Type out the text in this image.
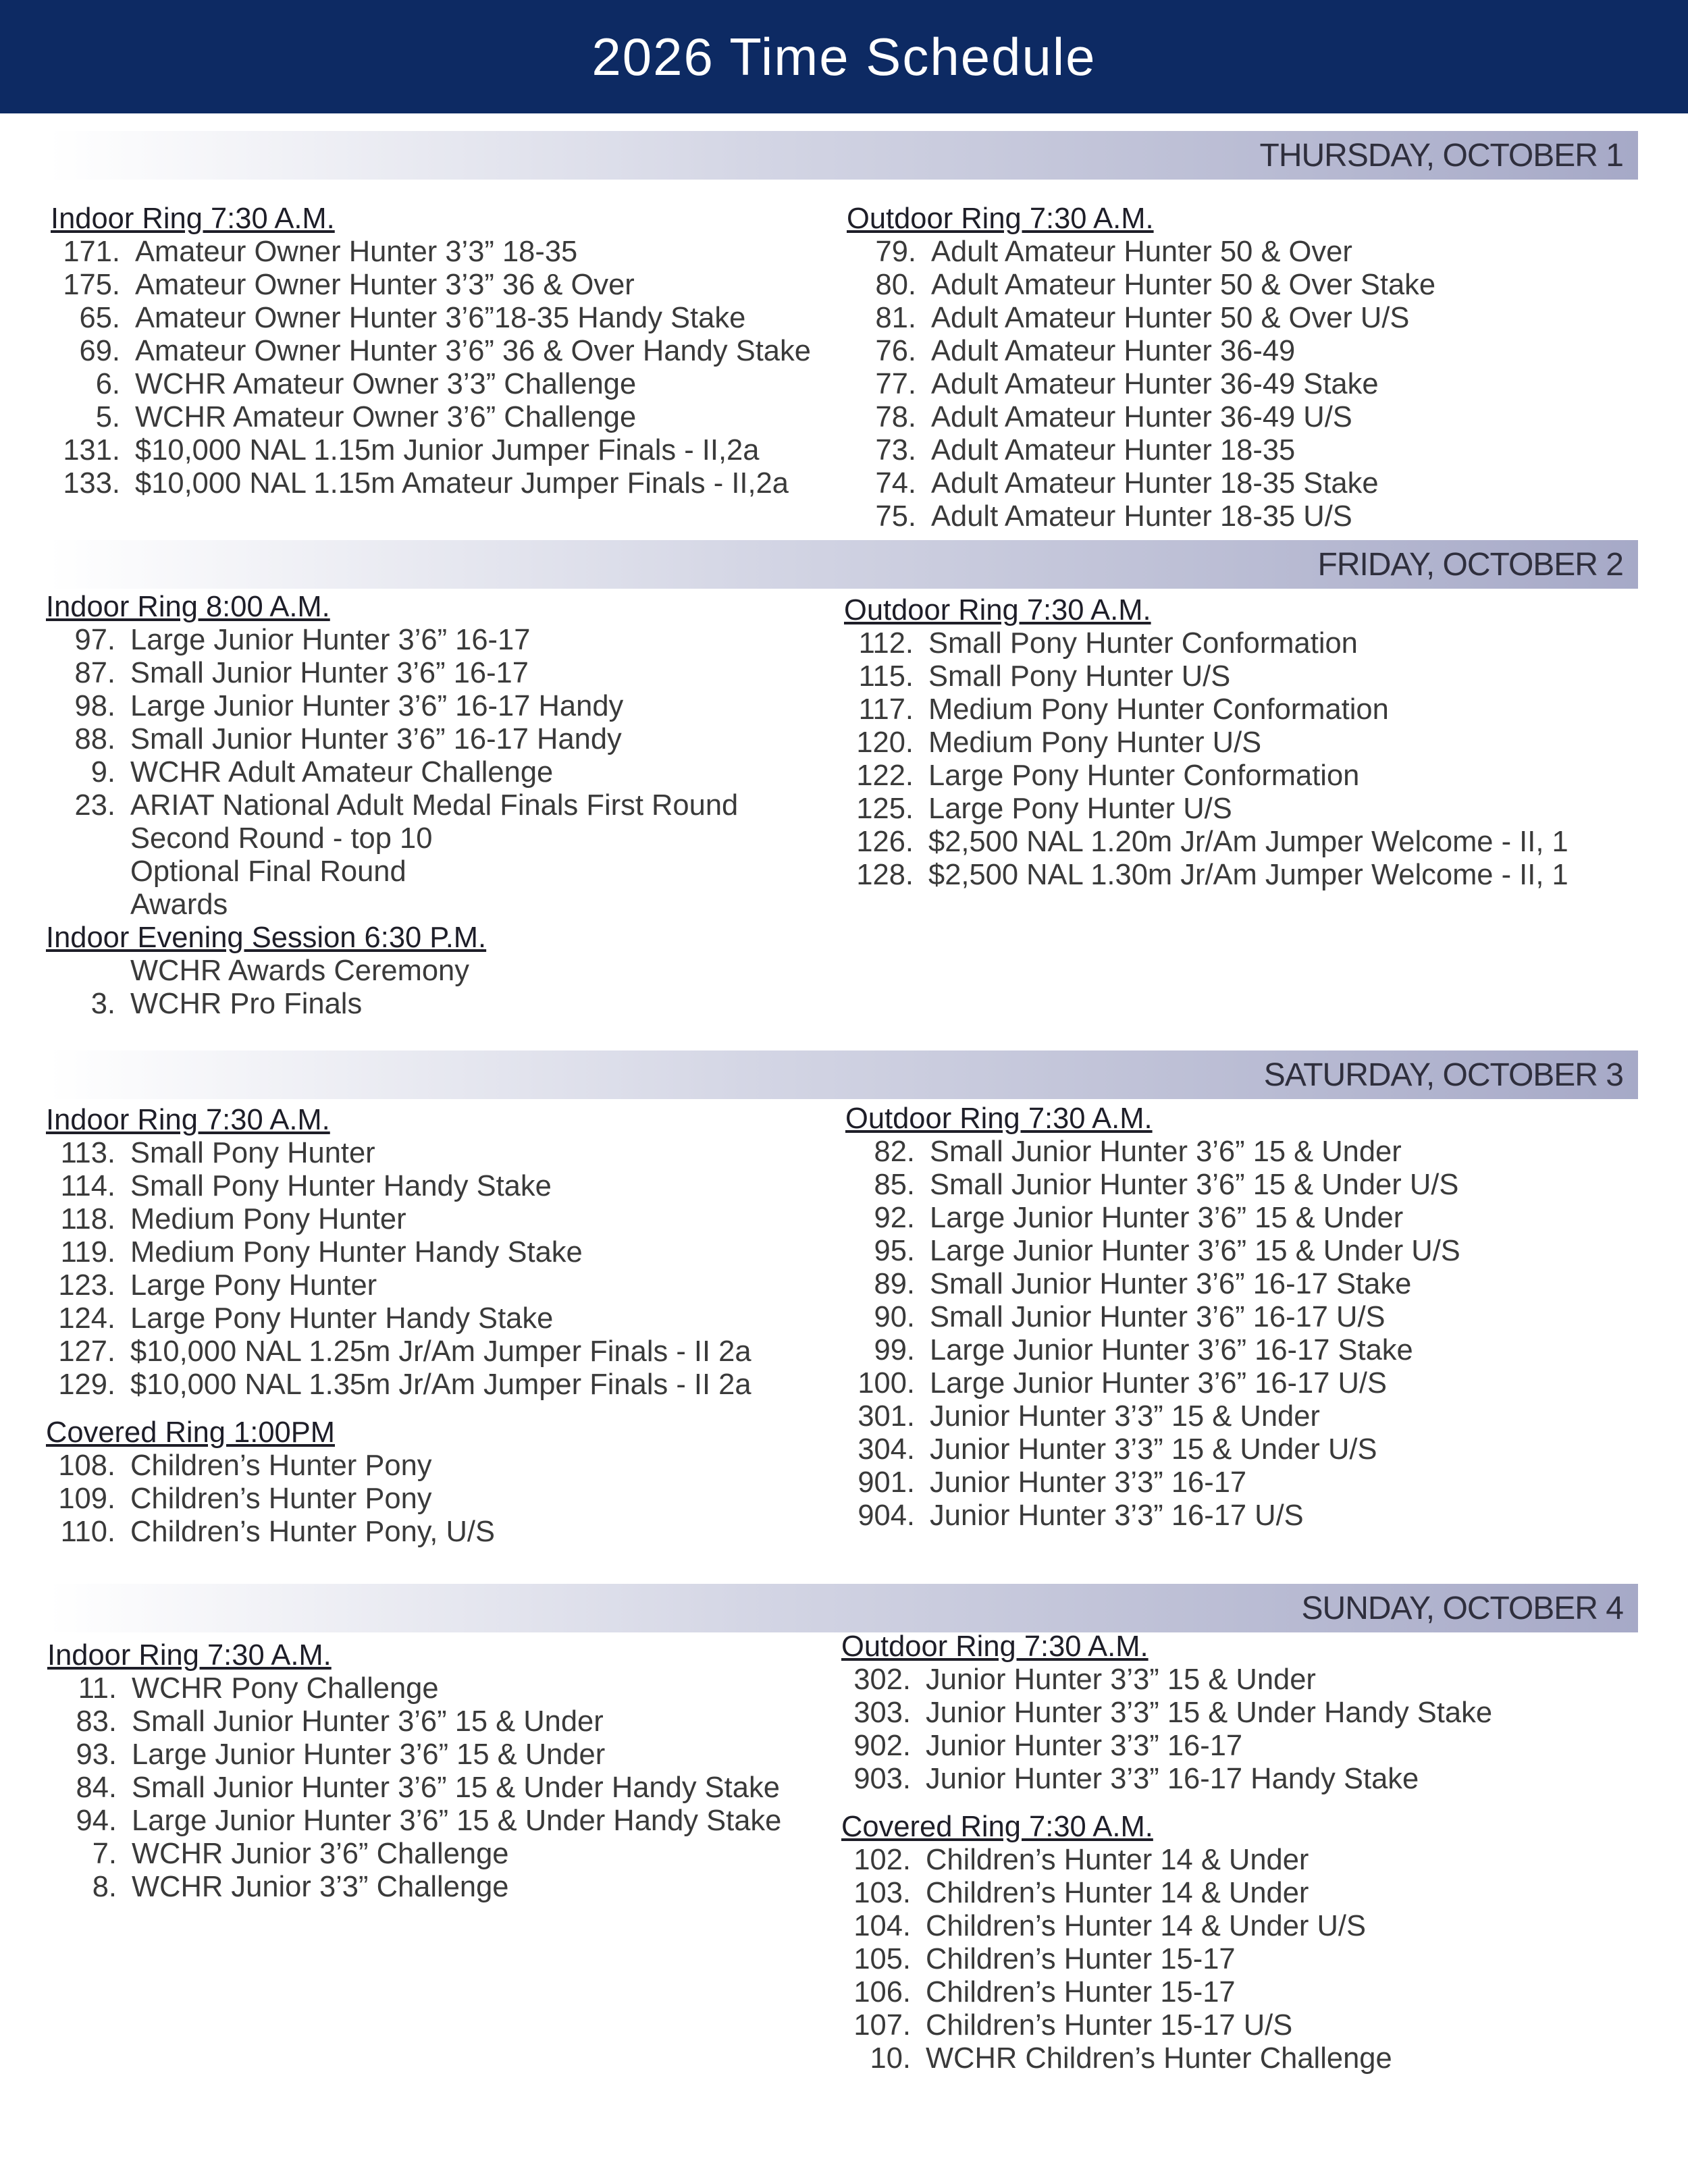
2026 Time Schedule
THURSDAY, OCTOBER 1
FRIDAY, OCTOBER 2
SATURDAY, OCTOBER 3
SUNDAY, OCTOBER 4
Indoor Ring 7:30 A.M.
171. Amateur Owner Hunter 3’3” 18-35
175. Amateur Owner Hunter 3’3” 36 & Over
65. Amateur Owner Hunter 3’6”18-35 Handy Stake
69. Amateur Owner Hunter 3’6” 36 & Over Handy Stake
6. WCHR Amateur Owner 3’3” Challenge
5. WCHR Amateur Owner 3’6” Challenge
131. $10,000 NAL 1.15m Junior Jumper Finals - II,2a
133. $10,000 NAL 1.15m Amateur Jumper Finals - II,2a
Outdoor Ring 7:30 A.M.
79. Adult Amateur Hunter 50 & Over
80. Adult Amateur Hunter 50 & Over Stake
81. Adult Amateur Hunter 50 & Over U/S
76. Adult Amateur Hunter 36-49
77. Adult Amateur Hunter 36-49 Stake
78. Adult Amateur Hunter 36-49 U/S
73. Adult Amateur Hunter 18-35
74. Adult Amateur Hunter 18-35 Stake
75. Adult Amateur Hunter 18-35 U/S
Indoor Ring 8:00 A.M.
97. Large Junior Hunter 3’6” 16-17
87. Small Junior Hunter 3’6” 16-17
98. Large Junior Hunter 3’6” 16-17 Handy
88. Small Junior Hunter 3’6” 16-17 Handy
9. WCHR Adult Amateur Challenge
23. ARIAT National Adult Medal Finals First Round
Second Round - top 10
Optional Final Round
Awards
Indoor Evening Session 6:30 P.M.
WCHR Awards Ceremony
3. WCHR Pro Finals
Outdoor Ring 7:30 A.M.
112. Small Pony Hunter Conformation
115. Small Pony Hunter U/S
117. Medium Pony Hunter Conformation
120. Medium Pony Hunter U/S
122. Large Pony Hunter Conformation
125. Large Pony Hunter U/S
126. $2,500 NAL 1.20m Jr/Am Jumper Welcome - II, 1
128. $2,500 NAL 1.30m Jr/Am Jumper Welcome - II, 1
Indoor Ring 7:30 A.M.
113. Small Pony Hunter
114. Small Pony Hunter Handy Stake
118. Medium Pony Hunter
119. Medium Pony Hunter Handy Stake
123. Large Pony Hunter
124. Large Pony Hunter Handy Stake
127. $10,000 NAL 1.25m Jr/Am Jumper Finals - II 2a
129. $10,000 NAL 1.35m Jr/Am Jumper Finals - II 2a
Covered Ring 1:00PM
108. Children’s Hunter Pony
109. Children’s Hunter Pony
110. Children’s Hunter Pony, U/S
Outdoor Ring 7:30 A.M.
82. Small Junior Hunter 3’6” 15 & Under
85. Small Junior Hunter 3’6” 15 & Under U/S
92. Large Junior Hunter 3’6” 15 & Under
95. Large Junior Hunter 3’6” 15 & Under U/S
89. Small Junior Hunter 3’6” 16-17 Stake
90. Small Junior Hunter 3’6” 16-17 U/S
99. Large Junior Hunter 3’6” 16-17 Stake
100. Large Junior Hunter 3’6” 16-17 U/S
301. Junior Hunter 3’3” 15 & Under
304. Junior Hunter 3’3” 15 & Under U/S
901. Junior Hunter 3’3” 16-17
904. Junior Hunter 3’3” 16-17 U/S
Indoor Ring 7:30 A.M.
11. WCHR Pony Challenge
83. Small Junior Hunter 3’6” 15 & Under
93. Large Junior Hunter 3’6” 15 & Under
84. Small Junior Hunter 3’6” 15 & Under Handy Stake
94. Large Junior Hunter 3’6” 15 & Under Handy Stake
7. WCHR Junior 3’6” Challenge
8. WCHR Junior 3’3” Challenge
Outdoor Ring 7:30 A.M.
302. Junior Hunter 3’3” 15 & Under
303. Junior Hunter 3’3” 15 & Under Handy Stake
902. Junior Hunter 3’3” 16-17
903. Junior Hunter 3’3” 16-17 Handy Stake
Covered Ring 7:30 A.M.
102. Children’s Hunter 14 & Under
103. Children’s Hunter 14 & Under
104. Children’s Hunter 14 & Under U/S
105. Children’s Hunter 15-17
106. Children’s Hunter 15-17
107. Children’s Hunter 15-17 U/S
10. WCHR Children’s Hunter Challenge
